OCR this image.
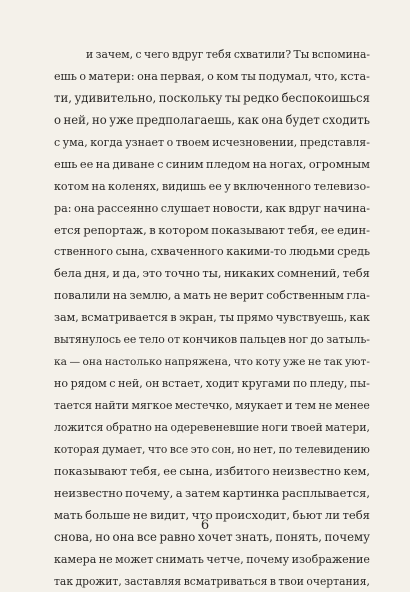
и зачем, с чего вдруг тебя схватили? Ты вспомина-
ешь о матери: она первая, о ком ты подумал, что, кста-
ти, удивительно, поскольку ты редко беспокоишься
о ней, но уже предполагаешь, как она будет сходить
с ума, когда узнает о твоем исчезновении, представля-
ешь ее на диване с синим пледом на ногах, огромным
котом на коленях, видишь ее у включенного телевизо-
ра: она рассеянно слушает новости, как вдруг начина-
ется репортаж, в котором показывают тебя, ее един-
ственного сына, схваченного какими-то людьми средь
бела дня, и да, это точно ты, никаких сомнений, тебя
повалили на землю, а мать не верит собственным гла-
зам, всматривается в экран, ты прямо чувствуешь, как
вытянулось ее тело от кончиков пальцев ног до затыль-
ка — она настолько напряжена, что коту уже не так уют-
но рядом с ней, он встает, ходит кругами по пледу, пы-
тается найти мягкое местечко, мяукает и тем не менее
ложится обратно на одеревеневшие ноги твоей матери,
которая думает, что все это сон, но нет, по телевидению
показывают тебя, ее сына, избитого неизвестно кем,
неизвестно почему, а затем картинка расплывается,
мать больше не видит, что происходит, бьют ли тебя
снова, но она все равно хочет знать, понять, почему
камера не может снимать четче, почему изображение
так дрожит, заставляя всматриваться в твои очертания,
6
